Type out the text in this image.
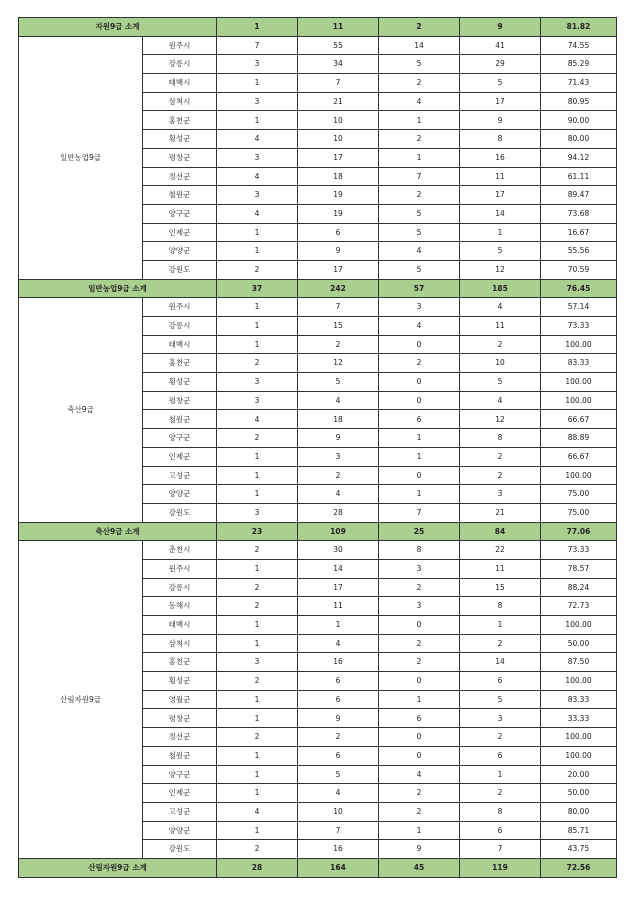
자원9급 소계		1	11	2	9	81.82
일반농업9급	원주시	7	55	14	41	74.55
	강릉시	3	34	5	29	85.29
	태백시	1	7	2	5	71.43
	삼척시	3	21	4	17	80.95
	홍천군	1	10	1	9	90.00
	횡성군	4	10	2	8	80.00
	평창군	3	17	1	16	94.12
	정선군	4	18	7	11	61.11
	철원군	3	19	2	17	89.47
	양구군	4	19	5	14	73.68
	인제군	1	6	5	1	16.67
	양양군	1	9	4	5	55.56
	강원도	2	17	5	12	70.59
일반농업9급 소계		37	242	57	185	76.45
축산9급	원주시	1	7	3	4	57.14
	강릉시	1	15	4	11	73.33
	태백시	1	2	0	2	100.00
	홍천군	2	12	2	10	83.33
	횡성군	3	5	0	5	100.00
	평창군	3	4	0	4	100.00
	철원군	4	18	6	12	66.67
	양구군	2	9	1	8	88.89
	인제군	1	3	1	2	66.67
	고성군	1	2	0	2	100.00
	양양군	1	4	1	3	75.00
	강원도	3	28	7	21	75.00
축산9급 소계		23	109	25	84	77.06
산림자원9급	춘천시	2	30	8	22	73.33
	원주시	1	14	3	11	78.57
	강릉시	2	17	2	15	88.24
	동해시	2	11	3	8	72.73
	태백시	1	1	0	1	100.00
	삼척시	1	4	2	2	50.00
	홍천군	3	16	2	14	87.50
	횡성군	2	6	0	6	100.00
	영월군	1	6	1	5	83.33
	평창군	1	9	6	3	33.33
	정선군	2	2	0	2	100.00
	철원군	1	6	0	6	100.00
	양구군	1	5	4	1	20.00
	인제군	1	4	2	2	50.00
	고성군	4	10	2	8	80.00
	양양군	1	7	1	6	85.71
	강원도	2	16	9	7	43.75
산림자원9급 소계		28	164	45	119	72.56
